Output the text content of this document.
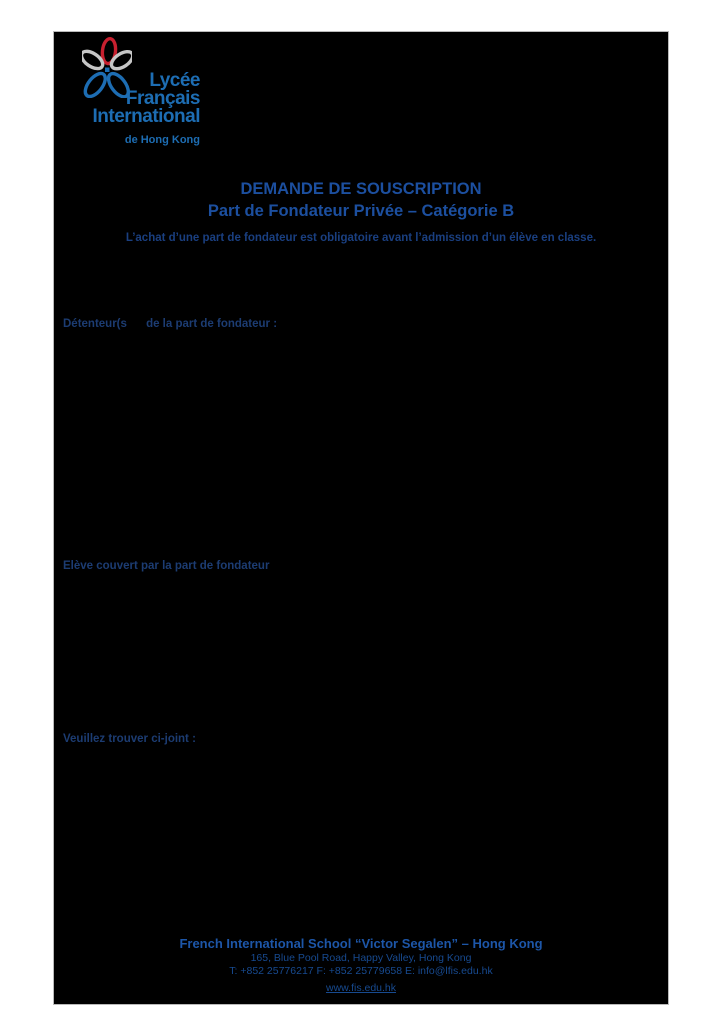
Lycée
Français
International
de Hong Kong
DEMANDE DE SOUSCRIPTION
Part de Fondateur Privée – Catégorie B
L’achat d’une part de fondateur est obligatoire avant l’admission d’un élève en classe.
Détenteur(s      de la part de fondateur :
Elève couvert par la part de fondateur
Veuillez trouver ci-joint :
French International School “Victor Segalen” – Hong Kong
165, Blue Pool Road, Happy Valley, Hong Kong
T: +852 25776217 F: +852 25779658 E: info@lfis.edu.hk
www.fis.edu.hk
